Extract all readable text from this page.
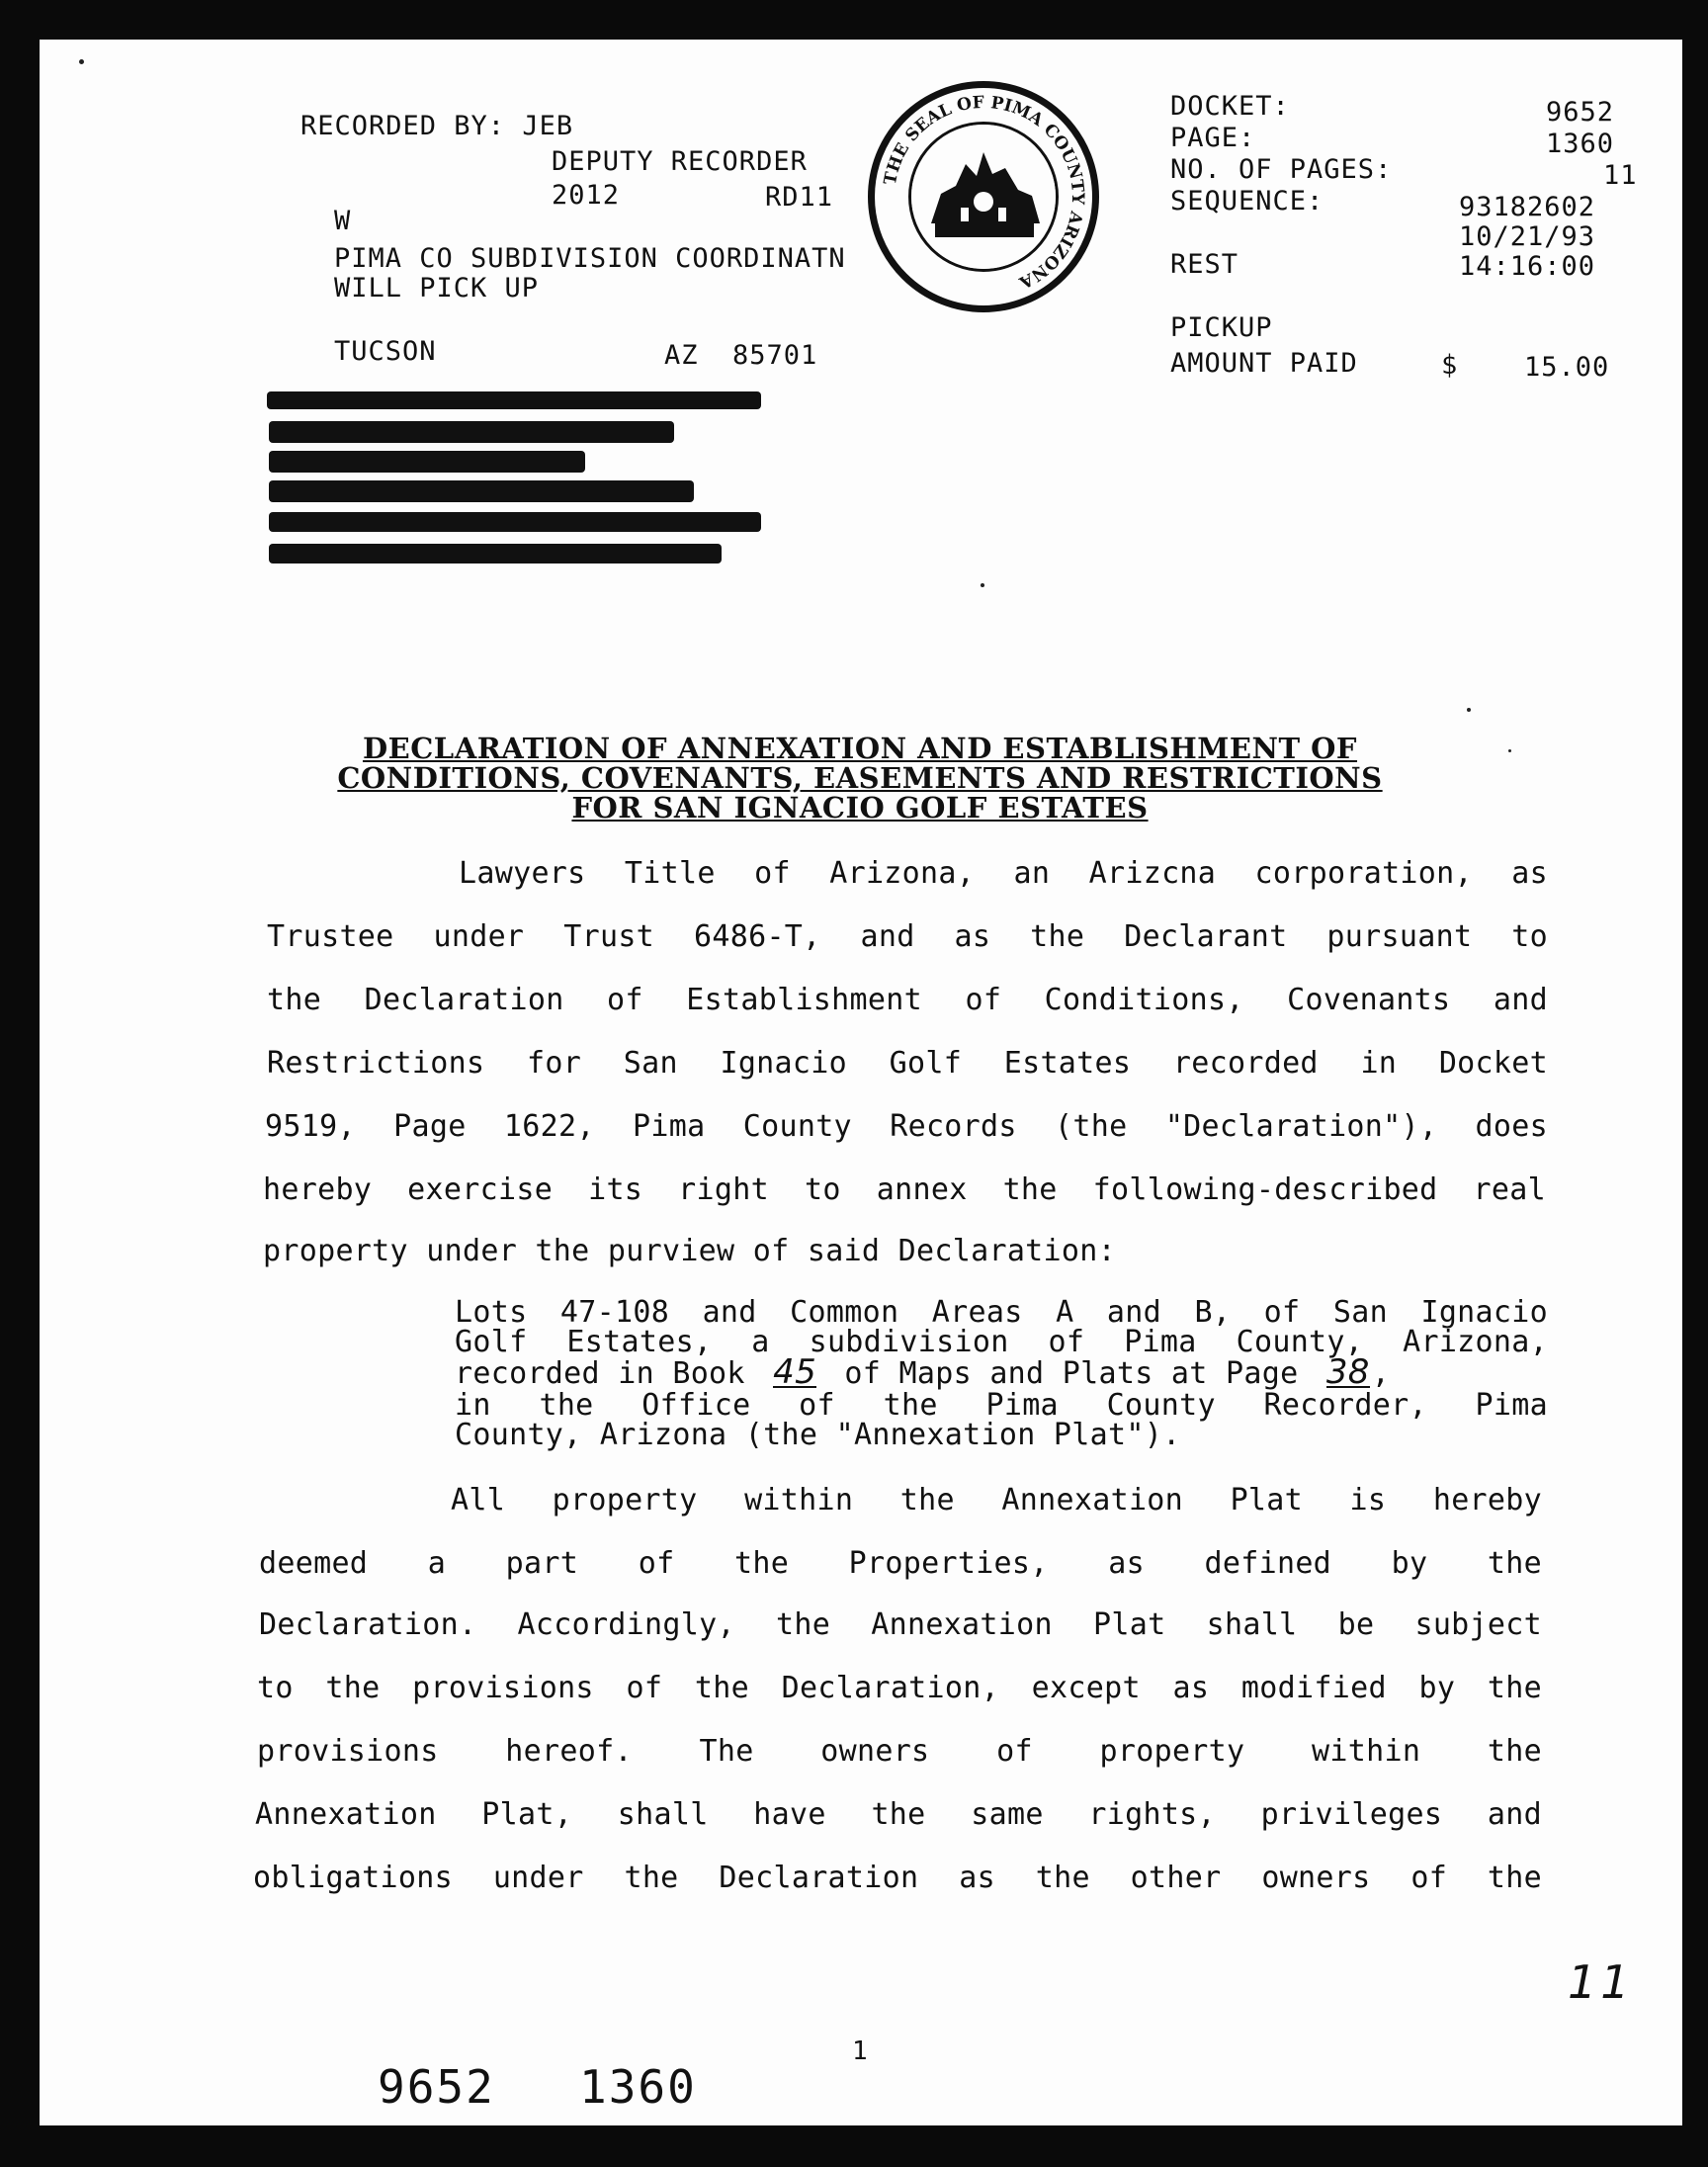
RECORDED BY: JEB
DEPUTY RECORDER
2012	RD11
W
PIMA CO SUBDIVISION COORDINATN
WILL PICK UP
TUCSON	AZ  85701
THE SEAL OF PIMA COUNTY ARIZONA
DOCKET:	9652
PAGE:	1360
NO. OF PAGES:	11
SEQUENCE:	93182602
10/21/93
REST	14:16:00
PICKUP
AMOUNT PAID	$ 15.00
DECLARATION OF ANNEXATION AND ESTABLISHMENT OF
CONDITIONS, COVENANTS, EASEMENTS AND RESTRICTIONS
FOR SAN IGNACIO GOLF ESTATES
Lawyers Title of Arizona, an Arizcna corporation, as
Trustee under Trust 6486-T, and as the Declarant pursuant to
the Declaration of Establishment of Conditions, Covenants and
Restrictions for San Ignacio Golf Estates recorded in Docket
9519, Page 1622, Pima County Records (the "Declaration"), does
hereby exercise its right to annex the following-described real
property under the purview of said Declaration:
Lots 47-108 and Common Areas A and B, of San Ignacio
Golf Estates, a subdivision of Pima County, Arizona,
recorded in Book 45 of Maps and Plats at Page 38,
in the Office of the Pima County Recorder, Pima
County, Arizona (the "Annexation Plat").
All property within the Annexation Plat is hereby
deemed a part of the Properties, as defined by the
Declaration. Accordingly, the Annexation Plat shall be subject
to the provisions of the Declaration, except as modified by the
provisions hereof. The owners of property within the
Annexation Plat, shall have the same rights, privileges and
obligations under the Declaration as the other owners of the
11
1
9652 1360
